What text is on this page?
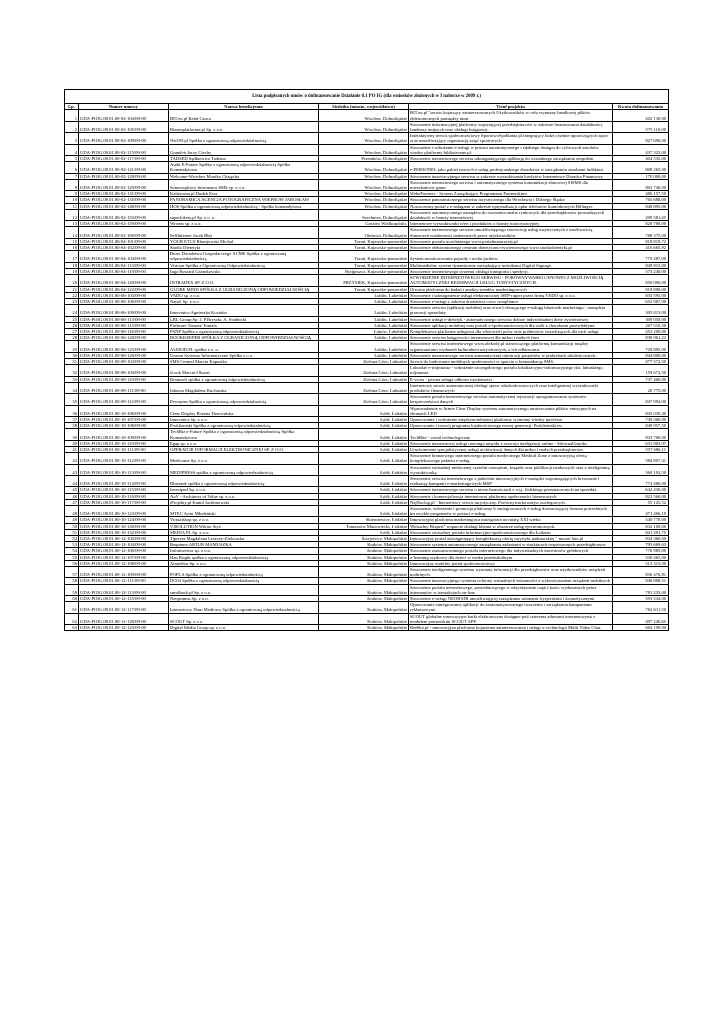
Lista podpisanych umów o dofinansowanie Działanie 8.1 PO IG (dla wniosków złożonych w I naborze w 2009 r.)					
Lp.	Numer umowy	Nazwa beneficjenta	Siedziba (miasto, województwo)	Tytuł projektu	Kwota dofinansowania
1	UDA-POIG.08.01.00-02-104/09-00	BIT.eu pl Rafał Gruca	Wrocław, Dolnośląskie	BIT.eu.pl "serwis kojarzący zainteresowanych Użytkowników w celu wymiany handlowej plików elektronicznych pomiędzy nimi.	202 130,00
2	UDA-POIG.08.01.00-02-105/09-00	Biznesplatforma.pl Sp. z o.o.	Wrocław, Dolnośląskie	Stworzenie informacyjnej platformy wspierającej przedsiębiorców w zakresie finansowania działalności, funduszy unijnych oraz obsługi księgowej.	575 110,00
3	UDA-POIG.08.01.00-02-109/09-00	NetON.pl Spółka z ograniczoną odpowiedzialnością	Wrocław, Dolnośląskie	Interaktywny serwis społecznościowy SportowoSpołkania.pl integrujący ludzi czynnie uprawiających sport oraz umożliwiający organizację zajęć sportowych	827 696,00
4	UDA-POIG.08.01.00-02-115/09-00	Grandvit Jerzy Ciechy	Wrocław, Dolnośląskie	Stworzenie i wdrożenie e-usługi w postaci automatycznego i zdalnego dostępu do cyfrowych zasobów wiedzy platformy biblioteczne.pl.	437 325,00
5	UDA-POIG.08.01.00-02-117/09-00	TADSED Sędkiewicz Tadeusz	Przemków, Dolnośląskie	Stworzenie internetowego serwisu udostępniającego aplikację do wizualnego zarządzania zespołem	404 535,00
6	UDA-POIG.08.01.00-02-121/09-00	Audit E-Future Spółka z ograniczoną odpowiedzialnością Spółka Komandytowa	Wrocław, Dolnośląskie	e-PERSONEL jako pakiet nowych e-usług profesjonalnego doradztwa w zarządzaniu zasobami ludzkimi	808 265,00
7	UDA-POIG.08.01.00-02-128/09-00	Welcome-Wrocław Monika Chajęcka	Wrocław, Dolnośląskie	Stworzenie innowacyjnego serwisu w zakresie wyszukiwania kredytów Internetowy Doradca Finansowy	170 000,00
8	UDA-POIG.08.01.00-02-129/09-00	Samorządowy Informator SMS sp. z o.o.	Wrocław, Dolnośląskie	Stworzenie internetowego serwisu i automatycznego systemu komunikacji zbiorowej SISMS dla mieszkańców gmin.	802 740,00
9	UDA-POIG.08.01.00-02-131/09-00	Kaliżowna.pl Dudek Ewa	Wrocław, Dolnośląskie	WebeParnters - System Zarządzający Programami Partnerskimi	486 157,50
10	UDA-POIG.08.01.00-02-135/09-00	PANORAMICA AGENCJA FOTOGRAFICZNA WIEPROW JAROSŁAW	Wrocław, Dolnośląskie	Stworzenie panoramicznego serwisu turystycznego dla Wrocławia i Dolnego Śląska	765 680,00
11	UDA-POIG.08.01.00-02-148/09-00	HOS Spółka z ograniczoną odpowiedzialnością - Spółka komandytowa	Wrocław, Dolnośląskie	Nowoczesny portal z e-usługami w zakresie optymalizacji opłat telefonów komórkowych Billinger.	848 895,00
12	UDA-POIG.08.01.00-02-153/09-00	superlokety.pl Sp. z o. o.	Szechnice, Dolnośląskie	Stworzenie automatycznego narzędzia do tworzenia analiz rynkowych dla przedsiębiorstw prowadzących działalność w branży internetowej	299 581,65
13	UDA-POIG.08.01.00-02-159/09-00	Wroom sp. z o.o.	Gorzów Wielkopolski,	Internetowe wyszukiwarki ofert i produktów z branży motoryzacyjnej.	820 700,00
14	UDA-POIG.08.01.00-02-160/09-00	SelfInternet Jacek Błaj	Oleśnica, Dolnośląskie	Stworzenie internetowego serwisu umożliwiającego rezerwację usług turystycznych z możliwością tłumaczeń wiadomości nadawanych przez użytkowników	788 375,00
15	UDA-POIG.08.01.00-04-101/09-00	YOUR ETCS Błażejewski Michał	Toruń, Kujawsko-pomorskie	Stworzenie portalu uczelnianego www.portalmaturzysty.pl	818 819,72
16	UDA-POIG.08.01.00-04-102/09-00	Studio Dietetyki	Toruń, Kujawsko-pomorskie	Stworzenie elektronicznego centrum dietetyczno-żywieniowego www.studiodietetyki.pl	416 665,92
17	UDA-POIG.08.01.00-04-104/09-00	Biuro Doradztwa Gospodarczego ACME Spółka z ograniczoną odpowiedzialnością	Toruń, Kujawsko-pomorskie	System monitorowania pojazdy i ruchu jachtów	770 287,00
18	UDA-POIG.08.01.00-04-113/09-00	Visioon Spółka z Ograniczoną Odpowiedzialnością	Toruń, Kujawsko-pomorskie	Multimedialny system dynamicznie zarządzający nośnikami Digital Signage.	849 915,00
19	UDA-POIG.08.01.00-04-119/09-00	Inga Ryszard Grzankowski	Bydgoszcz, Kujawsko-pomorskie	Stworzenie internetowego systemu obsługi transportu i spedycji.	573 240,00
20	UDA-POIG.08.01.00-04-120/09-00	INTRADEX SP. Z O.O.	PRZYSIEK, Kujawsko-pomorskie	STWORZENIE INTERNETOWEGO SERWISU - PORÓWNYWARKI CENOWEJ Z MOŻLIWOŚCIĄ AUTOMATYCZNEJ REZERWACJI USŁUG TURYSTYCZNYCH.	850 000,00
21	UDA-POIG.08.01.00-04-122/09-00	GLOBE MIND SPÓŁKA Z OGRANICZONĄ ODPOWIEDZIALNOŚCIĄ	Toruń, Kujawsko-pomorskie	Otwarta platforma do badań i analizy trendów marketingowych	818 890,00
22	UDA-POIG.08.01.00-06-103/09-00	VADO sp. z o.o.	Lublin, Lubelskie	Stworzenie i udostępnienie usługi elektronicznej iSEP-raport przez firmę VADO sp. z o.o.	833 595,00
23	UDA-POIG.08.01.00-06-106/09-00	Natrel Sp. z o.o.	Lublin, Lubelskie	Stworzenie e-usługi z zakresu doradztwa cross compliance	652 987,00
24	UDA-POIG.08.01.00-06-109/09-00	Innovatico Agnieszka Kociuba	Lublin, Lubelskie	Stworzenie serwisu (aplikacji mobilnej oraz www) oferującego e-usługę bluetooth marketingu - narzędzia promocji sprzedaży	305 813,00
25	UDA-POIG.08.01.00-06-113/09-00	LBL Group Sp. J. P.Bryszki, A. Stadnicki	Lublin, Lubelskie	Stworzenie usługi e-dietetyk - automatycznego serwisu dobrze indywidualnej diety żywieniowej.	300 050,00
26	UDA-POIG.08.01.00-06-115/09-00	Firdware Tomasz Tomala	Lublin, Lubelskie	Stworzenie aplikacji mobilnej oraz portali e-społecznościowych dla osób z chorobami przewlekłymi	267 516,50
27	UDA-POIG.08.01.00-06-116/09-00	PSNP Spółka z ograniczoną odpowiedzialnością	Łuków, Lubelskie	Kompleksowa platforma usługowa dla właścicieli psów oraz podmiotów świadczących dla nich usługi	452 200,00
28	UDA-POIG.08.01.00-06-120/09-00	BOOKKEEPER SPÓŁKA Z OGRANICZONĄ ODPOWIEDZIALNOŚCIĄ	Lublin, Lubelskie	Stworzenie serwisu księgowości internetowej dla mikro i małych firm	838 961,22
29	UDA-POIG.08.01.00-06-125/09-00	ALEKID.PL spółka z o. o.	Lublin, Lubelskie	Stworzenie serwisu internetowego www.alekody.pl stanowiącego platformę komunikacji między organizatorami wydarzeń kulturalno-rozrywkowych, a ich odbiorcami.	729 895,00
30	UDA-POIG.08.01.00-06-126/09-00	Unison Systemy Informatyczne Spółka z o.o.	Lublin, Lubelskie	Stworzenie internetowego serwisu automatycznej rejestracji pacjentów w praktykach okulistycznych.	844 800,00
31	UDA-POIG.08.01.00-08-103/09-00	SMS Central Marcin Kapustka	Zielona Góra, Lubuskie	Serwis do budowania mobilnych społeczności w oparciu o komunikację SMS.	477 572,50
32	UDA-POIG.08.01.00-08-104/09-00	iLook Marcin Olszoń	Zielona Góra, Lubuskie	Lubuskie e-trójmiasto - wdrożenie szczegółowego portalu lokalizacyjno-informacyjnego dot. lubuskiego trójmiasta	159 672,50
33	UDA-POIG.08.01.00-08-110/09-00	Brainsoft spółka z ograniczoną odpowiedzialnością	Zielona Góra, Lubuskie	E-swiss - pewna usługa odbioru wiadomości	737 460,00
34	UDA-POIG.08.01.00-08-111/09-00	Inkasso Magdalena Kucharska	Zielona Góra, Lubuskie	Internetowy serwis automatycznej obsługi spraw odszkodowawczych oraz inteligentnej wyszukiwarki produktów finansowych	26 775,00
35	UDA-POIG.08.01.00-08-112/09-00	Perceptus Spółka z ograniczoną odpowiedzialnością	Zielona Góra, Lubuskie	Stworzenie portalu internetowego serwisu automatycznej rejestracji oprogramowania systemów bezpieczeństwa danych	847 994,00
36	UDA-POIG.08.01.00-10-106/09-00	Clear Display Bożena Drzewińska	Łódź, Łódzkie	Wprowadzenie w firmie Clear Display systemu automatycznego umieszczania plików emisyjnych na ekranach LED	845 039,40
37	UDA-POIG.08.01.00-10-107/09-00	Innovatica Sp. z o.o.	Łódź, Łódzkie	Opracowanie i wdrożenie międzyuczelnianej platformy wymiany wiedzy iprofesor	749 360,00
38	UDA-POIG.08.01.00-10-108/09-00	Proklientski Spółka z ograniczoną odpowiedzialnością	Łódź, Łódzkie	Opracowanie i rozwój programu lojalnościowego nowej generacji: Proklientski.eu.	849 957,50
39	UDA-POIG.08.01.00-10-109/09-00	TechBiz e-Future Spółka z ograniczoną odpowiedzialnością Spółka Komandytowa	Łódź, Łódzkie	TechBite - vortal technologiczny	833 760,00
40	UDA-POIG.08.01.00-10-110/09-00	Egap sp. z o.o.	Łódź, Łódzkie	Stworzenie internetowej usługi trenongu umysłu z rozwoju inteligencji online - SilownaUmysłu.	631 803,97
41	UDA-POIG.08.01.00-10-111/09-00	OPERATOR INFORMACJI ELEKTRONICZNEJ SP. Z O.O.	Łódź, Łódzkie	Uruchomienie specjalistycznej usługi archiwizacji danych dla mikro i małych przedsiębiorstw.	557 686,11
42	UDA-POIG.08.01.00-10-112/09-00	Medicome Sp. z o.o.	Łódź, Łódzkie	Stworzenie branżowego internetowego portalu medycznego Medical Zone z innowacyjną ofertą kompleksowego pakietu e-usług.	584 807,41
43	UDA-POIG.08.01.00-10-113/09-00	MEDIPRESS spółka z ograniczoną odpowiedzialnością	Łódź, Łódzkie	Stworzenie wirtualnej medycznej czytelni czasopism, książek oraz publikacji naukowych oraz z inteligentną wyszukiwarką	560 192,50
44	UDA-POIG.08.01.00-10-114/09-00	Bluerank spółka z ograniczoną odpowiedzialnością	Łódź, Łódzkie	Stworzenie serwisu internetowego z pakietem innowacyjnych e-narzędzi wspomagających kreowanie i realizację kampanii e-marketingowych MSP	774 486,00
45	UDA-POIG.08.01.00-10-115/09-00	Investped Sp. z o.o.	Łódź, Łódzkie	Stworzenie internetowego serwisu o nieruchomościach z wyj. łódzkiego przeznaczonych na sprzedaż	642 430,00
46	UDA-POIG.08.01.00-10-116/09-00	AoV - Architects of Value sp. z o.o.	Łódź, Łódzkie	Stworzenie i komercjalizacja internetowej platformy społeczności biznesowych	823 560,00
47	UDA-POIG.08.01.00-10-117/09-00	iProjekty.pl Kamil Jachimowski	Łódź, Łódzkie	NajNoclag.pl - Internetowy serwis turystyczny. Porównywarka miejsc noclegowych.	55 125,52
48	UDA-POIG.08.01.00-10-123/09-00	MTEC Artur Młodziński	Łódź, Łódzkie	Stworzenie, wdrożenie i promocja platformy b zintegrowanych e-usług dostarczającej firmom potrzebnych im zwykle programów w postaci e-usług.	471 466,19
49	UDA-POIG.08.01.00-10-124/09-00	Virtualshop sp. z o.o.	Skierniewice, Łódzkie	Innowacyjna platforma marketingowa nawigatora na miarę XXI wieku	540 770,00
50	UDA-POIG.08.01.00-10-130/09-00	VISOLUTION Wiktor Styś	Tomaszów Mazowiecki, Łódzkie	Wirtualny Ekspert" wsparcie obsługi klienta w obszarze usług ejectronicznych.	832 100,00
51	UDA-POIG.08.01.00-10-132/09-00	MEDIA PL Sp. z o.o.	Łódź, Łódzkie	Stworzenie wirtualnej portalu informacyjno-społecznościowego dla Łodzian	841 291,75
52	UDA-POIG.08.01.00-12-102/09-00	Tiperera Magdalena Leszczy-Zieloracka	Ściejowice, Małopolskie	Innowacyjny portal udostępniający kompleksową ofertę turystyki nadmorskiej " morze-lato.pl	834 360,00
53	UDA-POIG.08.01.00-12-104/09-00	Requinno ARTUR MAMUSZKA	Kraków, Małopolskie	Stworzenie systemu automatycznego zarządzania zadaniami w strukturach rozproszonych przedsiębiorstw.	795 669,63
54	UDA-POIG.08.01.00-12-106/09-00	Infoinwestor sp. z o.o.	Kraków, Małopolskie	Stworzenie zaawansowanego portalu internetowego dla indywidualnych inwestorów giełdowych	776 985,00
55	UDA-POIG.08.01.00-12-107/09-00	Han Bright spółka z ograniczoną odpowiedzialnością	Kraków, Małopolskie	e-learning szytkowy dla dzieci w wieku przedszkolnym	530 465,00
56	UDA-POIG.08.01.00-12-108/09-00	AtanaStar Sp. z o.o.	Kraków, Małopolskie	Innowacyjny mobilny portal społecznościowy	513 315,00
57	UDA-POIG.08.01.00-12-109/09-00	POPLA Spółka z ograniczoną odpowiedzialnością	Kraków, Małopolskie	Stworzenie inteligentnego systemu wymiany informacji dla przedsiębiorstw oraz użytkowników urządzeń mobilnych.	836 476,81
58	UDA-POIG.08.01.00-12-111/09-00	DC04 Spółka z ograniczoną odpowiedzialnością	Kraków, Małopolskie	Stworzenie innowacyjnego systemu ochrony wirtualnych tożsamości z wykorzystaniem urządzeń mobilnych	848 808,51
59	UDA-POIG.08.01.00-12-113/09-00	smsdback.pl Sp. z o.o.	Kraków, Małopolskie	Stworzenie portalu internetowego, pośredniczącego w odzyskiwaniu części kosti, wydawanych przez internautów w transakcjach on-line	781 235,00
60	UDA-POIG.08.01.00-12-115/09-00	Neoprimus Sp. z o.o.	Kraków, Małopolskie	Stworzenie e-usługi NEOHAIR umożliwiającej zarządzania salonami fryzjerskimi i kosmetycznymi	593 534,00
61	UDA-POIG.08.01.00-12-117/09-00	Internetowy Dom Mediowy Spółka z ograniczoną odpowiedzialnością	Kraków, Małopolskie	Opracowanie zintegrowanej aplikacji do zautomatyzowanego tworzenia i zarządzania kampaniami reklamowymi	762 611,50
62	UDA-POIG.08.01.00-12-120/09-00	SCOUT Sp. z o.o.	Kraków, Małopolskie	SCOUT globalne innowacyjne karki elektroniczne dostępne pod czterema adresami internetowymi z modułem partnerskim SCOUT APP.	497 240,65
63	UDA-POIG.08.01.00-12-123/09-00	Digital Media Group sp. z o.o.	Kraków, Małopolskie	BeeBot.pl - innowacyjna platforma kojarzenia zainteresowania i usługi w technologii Multi Video Chat.	664 190,00
